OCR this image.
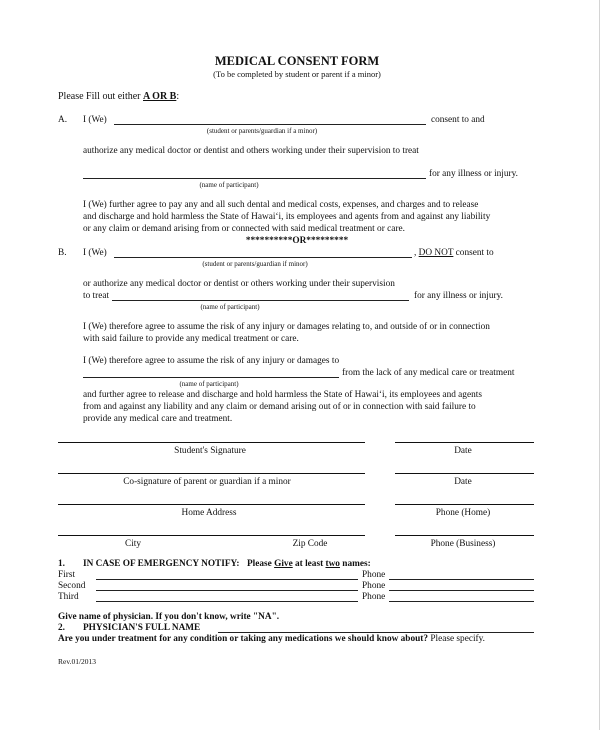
MEDICAL CONSENT FORM
(To be completed by student or parent if a minor)
Please Fill out either A OR B:
A. I (We)	consent to and
(student or parents/guardian if a minor)
authorize any medical doctor or dentist and others working under their supervision to treat
for any illness or injury.
(name of participant)
I (We) further agree to pay any and all such dental and medical costs, expenses, and charges and to release
and discharge and hold harmless the State of Hawai‘i, its employees and agents from and against any liability
or any claim or demand arising from or connected with said medical treatment or care.
**********OR*********
B. I (We)	, DO NOT consent to
(student or parents/guardian if minor)
or authorize any medical doctor or dentist or others working under their supervision
to treat	for any illness or injury.
(name of participant)
I (We) therefore agree to assume the risk of any injury or damages relating to, and outside of or in connection
with said failure to provide any medical treatment or care.
I (We) therefore agree to assume the risk of any injury or damages to
from the lack of any medical care or treatment
(name of participant)
and further agree to release and discharge and hold harmless the State of Hawai‘i, its employees and agents
from and against any liability and any claim or demand arising out of or in connection with said failure to
provide any medical care and treatment.
Student's Signature	Date
Co-signature of parent or guardian if a minor	Date
Home Address	Phone (Home)
City	Zip Code	Phone (Business)
1. IN CASE OF EMERGENCY NOTIFY: Please Give at least two names:
First	Phone
Second	Phone
Third	Phone
Give name of physician. If you don't know, write "NA".
2. PHYSICIAN'S FULL NAME
Are you under treatment for any condition or taking any medications we should know about? Please specify.
Rev.01/2013
